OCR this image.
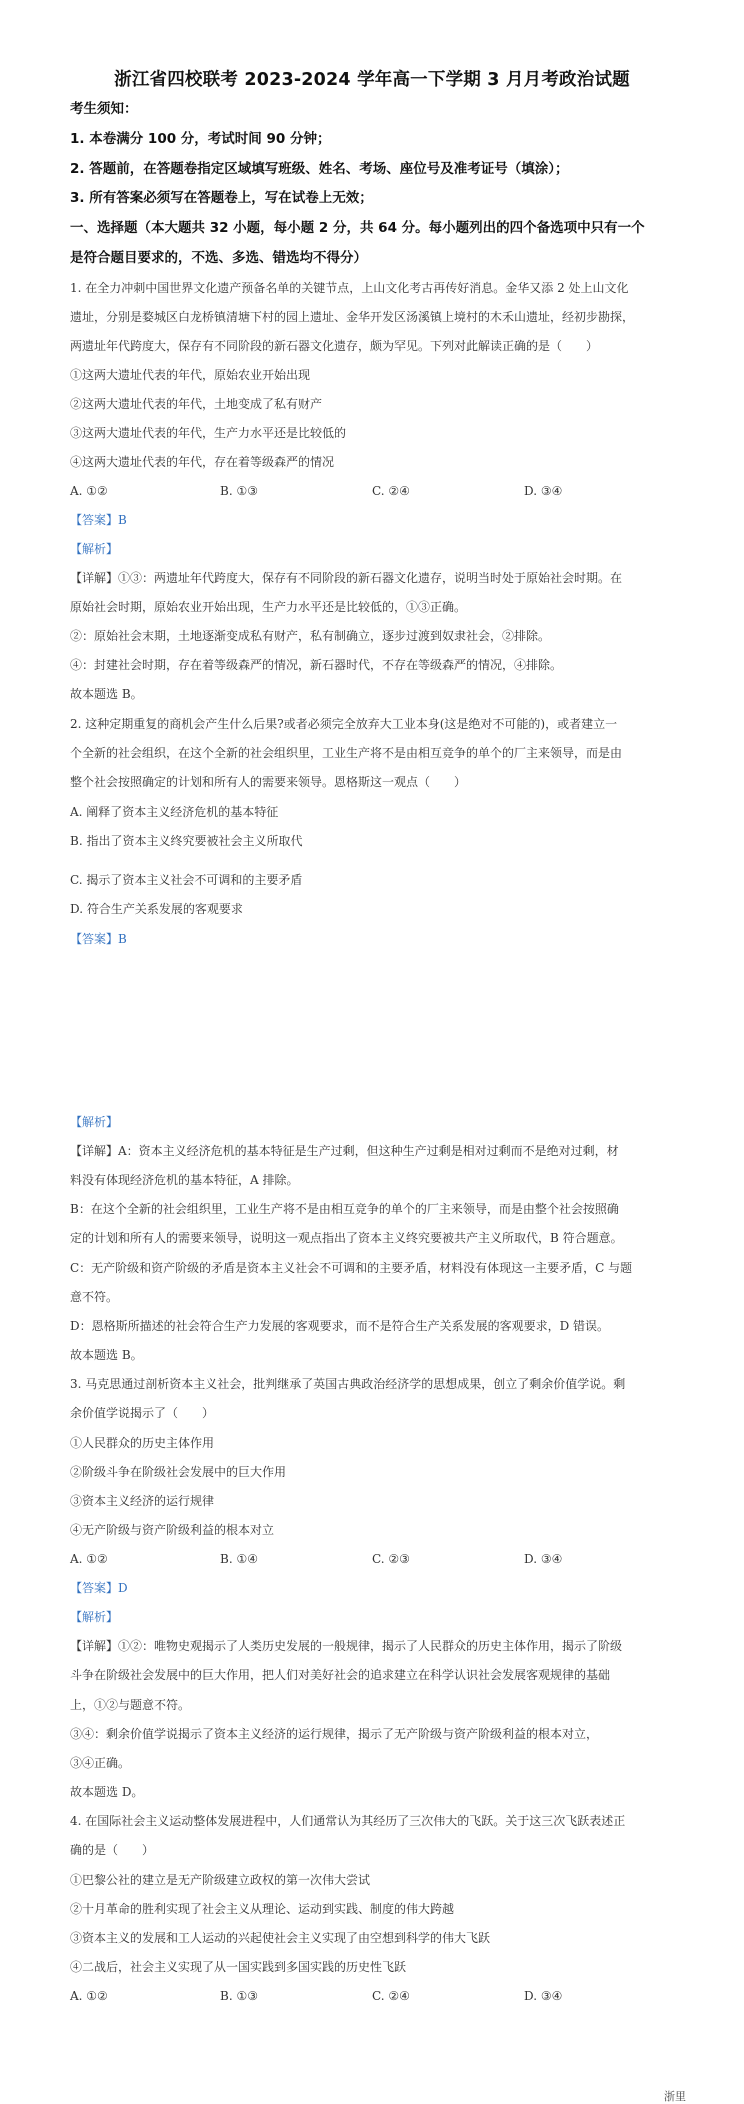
浙江省四校联考 2023-2024 学年高一下学期 3 月月考政治试题
考生须知：
1. 本卷满分 100 分，考试时间 90 分钟；
2. 答题前，在答题卷指定区域填写班级、姓名、考场、座位号及准考证号（填涂）；
3. 所有答案必须写在答题卷上，写在试卷上无效；
一、选择题（本大题共 32 小题，每小题 2 分，共 64 分。每小题列出的四个备选项中只有一个
是符合题目要求的，不选、多选、错选均不得分）
1. 在全力冲刺中国世界文化遗产预备名单的关键节点，上山文化考古再传好消息。金华又添 2 处上山文化
遗址，分别是婺城区白龙桥镇清塘下村的园上遗址、金华开发区汤溪镇上境村的木禾山遗址，经初步勘探，
两遗址年代跨度大，保存有不同阶段的新石器文化遗存，颇为罕见。下列对此解读正确的是（　　）
①这两大遗址代表的年代，原始农业开始出现
②这两大遗址代表的年代，土地变成了私有财产
③这两大遗址代表的年代，生产力水平还是比较低的
④这两大遗址代表的年代，存在着等级森严的情况
A. ①②	B. ①③	C. ②④	D. ③④
【答案】B
【解析】
【详解】①③：两遗址年代跨度大，保存有不同阶段的新石器文化遗存，说明当时处于原始社会时期。在
原始社会时期，原始农业开始出现，生产力水平还是比较低的，①③正确。
②：原始社会末期，土地逐渐变成私有财产，私有制确立，逐步过渡到奴隶社会，②排除。
④：封建社会时期，存在着等级森严的情况，新石器时代，不存在等级森严的情况，④排除。
故本题选 B。
2. 这种定期重复的商机会产生什么后果?或者必须完全放弃大工业本身(这是绝对不可能的)，或者建立一
个全新的社会组织，在这个全新的社会组织里，工业生产将不是由相互竞争的单个的厂主来领导，而是由
整个社会按照确定的计划和所有人的需要来领导。恩格斯这一观点（　　）
A. 阐释了资本主义经济危机的基本特征
B. 指出了资本主义终究要被社会主义所取代
C. 揭示了资本主义社会不可调和的主要矛盾
D. 符合生产关系发展的客观要求
【答案】B
【解析】
【详解】A：资本主义经济危机的基本特征是生产过剩，但这种生产过剩是相对过剩而不是绝对过剩，材
料没有体现经济危机的基本特征，A 排除。
B：在这个全新的社会组织里，工业生产将不是由相互竞争的单个的厂主来领导，而是由整个社会按照确
定的计划和所有人的需要来领导，说明这一观点指出了资本主义终究要被共产主义所取代，B 符合题意。
C：无产阶级和资产阶级的矛盾是资本主义社会不可调和的主要矛盾，材料没有体现这一主要矛盾，C 与题
意不符。
D：恩格斯所描述的社会符合生产力发展的客观要求，而不是符合生产关系发展的客观要求，D 错误。
故本题选 B。
3. 马克思通过剖析资本主义社会，批判继承了英国古典政治经济学的思想成果，创立了剩余价值学说。剩
余价值学说揭示了（　　）
①人民群众的历史主体作用
②阶级斗争在阶级社会发展中的巨大作用
③资本主义经济的运行规律
④无产阶级与资产阶级利益的根本对立
A. ①②	B. ①④	C. ②③	D. ③④
【答案】D
【解析】
【详解】①②：唯物史观揭示了人类历史发展的一般规律，揭示了人民群众的历史主体作用，揭示了阶级
斗争在阶级社会发展中的巨大作用，把人们对美好社会的追求建立在科学认识社会发展客观规律的基础
上，①②与题意不符。
③④：剩余价值学说揭示了资本主义经济的运行规律，揭示了无产阶级与资产阶级利益的根本对立，
③④正确。
故本题选 D。
4. 在国际社会主义运动整体发展进程中，人们通常认为其经历了三次伟大的飞跃。关于这三次飞跃表述正
确的是（　　）
①巴黎公社的建立是无产阶级建立政权的第一次伟大尝试
②十月革命的胜利实现了社会主义从理论、运动到实践、制度的伟大跨越
③资本主义的发展和工人运动的兴起使社会主义实现了由空想到科学的伟大飞跃
④二战后，社会主义实现了从一国实践到多国实践的历史性飞跃
A. ①②	B. ①③	C. ②④	D. ③④
浙里
